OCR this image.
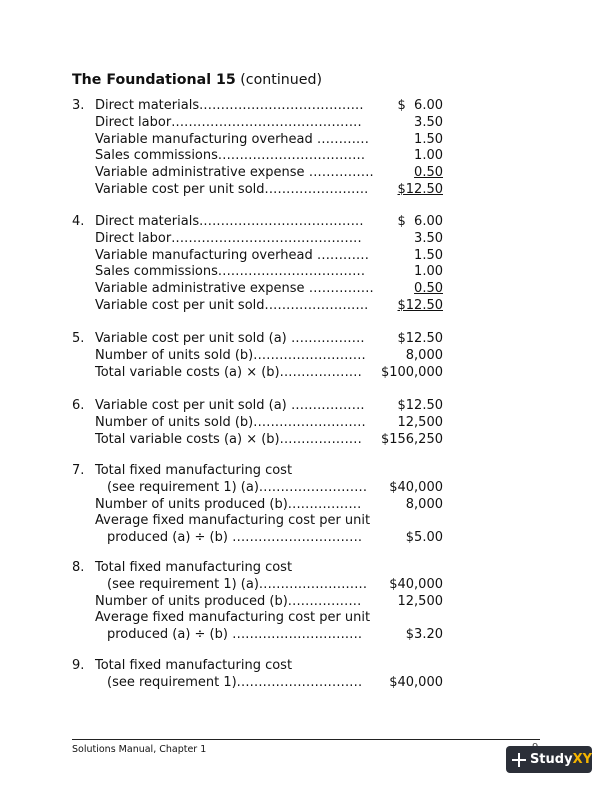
The Foundational 15 (continued)
3. Direct materials......................................	$  6.00
Direct labor............................................	3.50
Variable manufacturing overhead ............	1.50
Sales commissions..................................	1.00
Variable administrative expense ...............	0.50
Variable cost per unit sold........................ $12.50
4. Direct materials......................................	$  6.00
Direct labor............................................	3.50
Variable manufacturing overhead ............	1.50
Sales commissions..................................	1.00
Variable administrative expense ...............	0.50
Variable cost per unit sold........................ $12.50
5. Variable cost per unit sold (a) .................	$12.50
Number of units sold (b)..........................	8,000
Total variable costs (a) × (b)................... $100,000
6. Variable cost per unit sold (a) .................	$12.50
Number of units sold (b).......................... 12,500
Total variable costs (a) × (b)................... $156,250
7. Total fixed manufacturing cost
(see requirement 1) (a)......................... $40,000
Number of units produced (b).................	8,000
Average fixed manufacturing cost per unit
produced (a) ÷ (b) ..............................	$5.00
8. Total fixed manufacturing cost
(see requirement 1) (a)......................... $40,000
Number of units produced (b).................	12,500
Average fixed manufacturing cost per unit
produced (a) ÷ (b) ..............................	$3.20
9. Total fixed manufacturing cost
(see requirement 1)............................. $40,000
Solutions Manual, Chapter 1
Study XY
